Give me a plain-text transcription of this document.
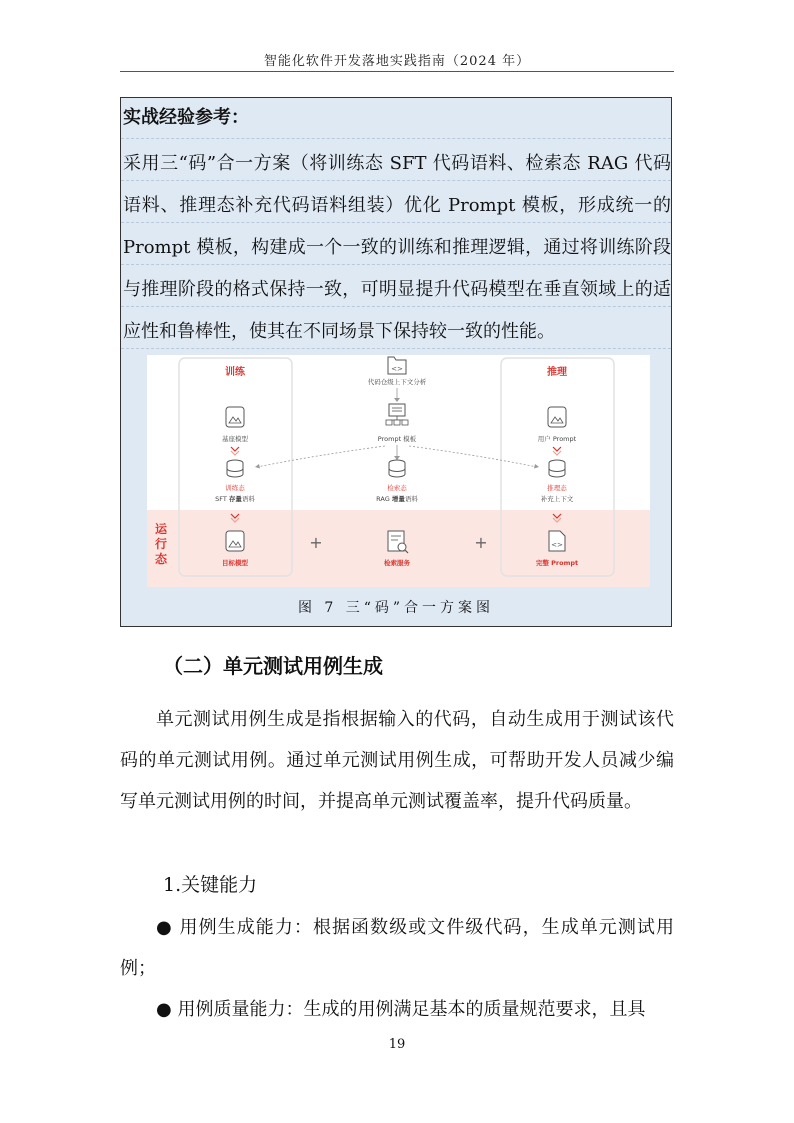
智能化软件开发落地实践指南（2024 年）
实战经验参考：
采用三“码”合一方案（将训练态 SFT 代码语料、检索态 RAG 代码语料、推理态补充代码语料组装）优化 Prompt 模板，形成统一的 Prompt 模板，构建成一个一致的训练和推理逻辑，通过将训练阶段与推理阶段的格式保持一致，可明显提升代码模型在垂直领域上的适应性和鲁棒性，使其在不同场景下保持较一致的性能。
训练	推理
<>
代码仓级上下文分析
Prompt 模板
基座模型	用户 Prompt
训练态
SFT 存量语料
检索态
RAG 增量语料
推理态
补充上下文
运
行
态	目标模型
+
检索服务
+	<>
完整 Prompt
图 7 三“码”合一方案图
（二）单元测试用例生成
单元测试用例生成是指根据输入的代码，自动生成用于测试该代码的单元测试用例。通过单元测试用例生成，可帮助开发人员减少编写单元测试用例的时间，并提高单元测试覆盖率，提升代码质量。
1.关键能力
● 用例生成能力：根据函数级或文件级代码，生成单元测试用例；
● 用例质量能力：生成的用例满足基本的质量规范要求，且具
19
